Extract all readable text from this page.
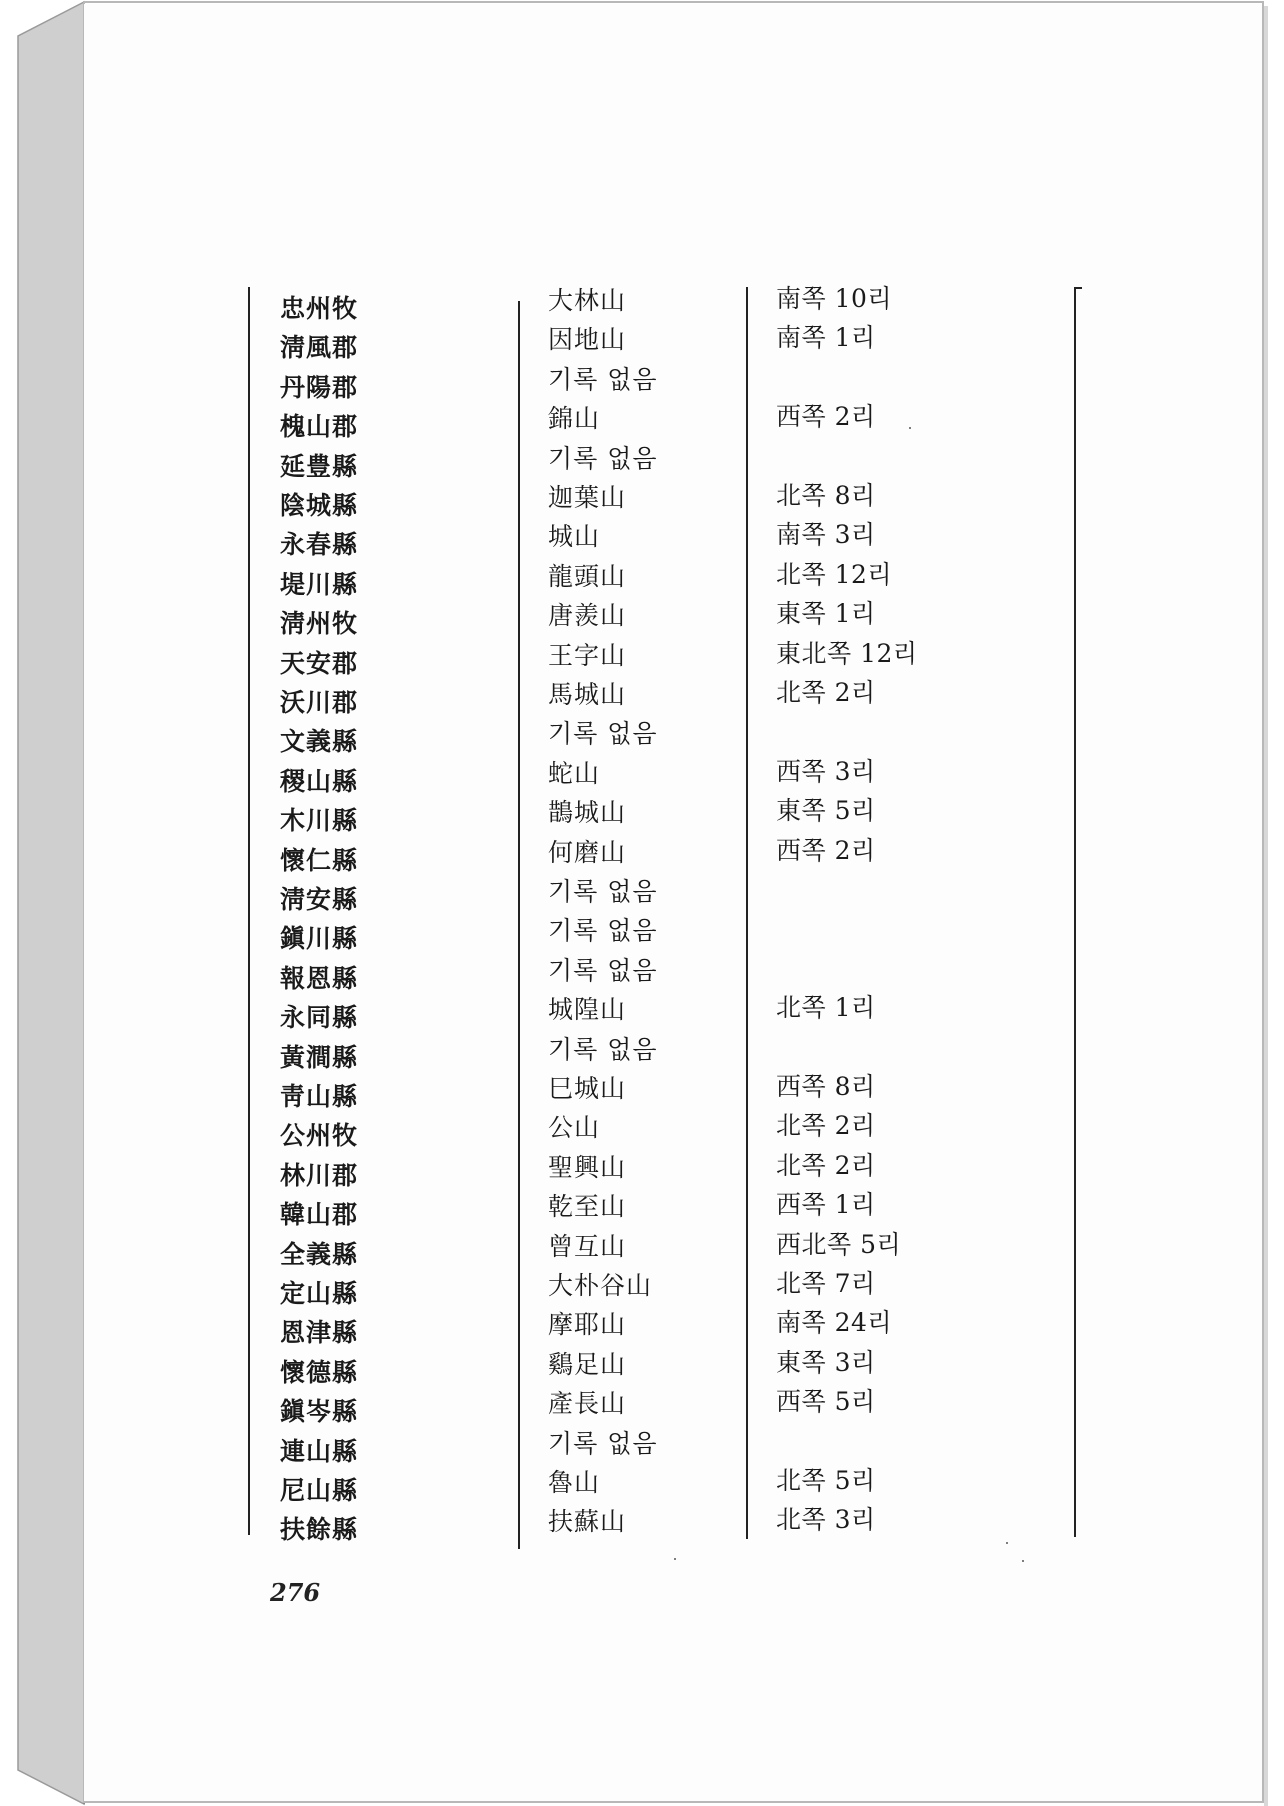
忠州牧	大林山	南쪽 10리
淸風郡	因地山	南쪽 1리
丹陽郡	기록 없음
槐山郡	錦山	西쪽 2리
延豊縣	기록 없음
陰城縣	迦葉山	北쪽 8리
永春縣	城山	南쪽 3리
堤川縣	龍頭山	北쪽 12리
淸州牧	唐羨山	東쪽 1리
天安郡	王字山	東北쪽 12리
沃川郡	馬城山	北쪽 2리
文義縣	기록 없음
稷山縣	蛇山	西쪽 3리
木川縣	鵲城山	東쪽 5리
懷仁縣	何磨山	西쪽 2리
淸安縣	기록 없음
鎭川縣	기록 없음
報恩縣	기록 없음
永同縣	城隍山	北쪽 1리
黃澗縣	기록 없음
靑山縣	巳城山	西쪽 8리
公州牧	公山	北쪽 2리
林川郡	聖興山	北쪽 2리
韓山郡	乾至山	西쪽 1리
全義縣	曾互山	西北쪽 5리
定山縣	大朴谷山	北쪽 7리
恩津縣	摩耶山	南쪽 24리
懷德縣	鷄足山	東쪽 3리
鎭岑縣	產長山	西쪽 5리
連山縣	기록 없음
尼山縣	魯山	北쪽 5리
扶餘縣	扶蘇山	北쪽 3리
276
